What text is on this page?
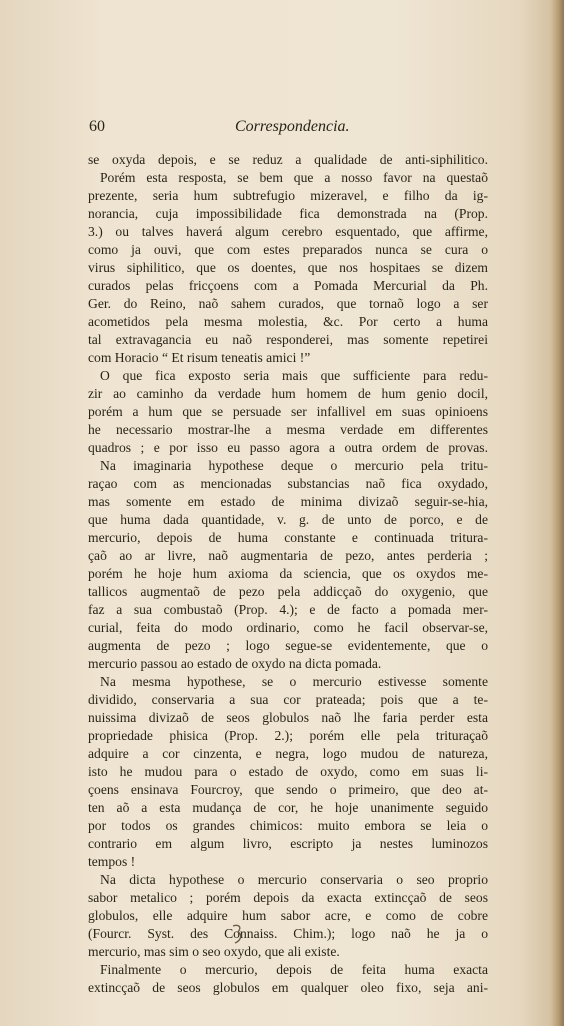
60	Correspondencia.
se oxyda depois, e se reduz a qualidade de anti-siphilitico.
Porém esta resposta, se bem que a nosso favor na questaõ
prezente, seria hum subtrefugio mizeravel, e filho da ig-
norancia, cuja impossibilidade fica demonstrada na (Prop.
3.) ou talves haverá algum cerebro esquentado, que affirme,
como ja ouvi, que com estes preparados nunca se cura o
virus siphilitico, que os doentes, que nos hospitaes se dizem
curados pelas fricçoens com a Pomada Mercurial da Ph.
Ger. do Reino, naõ sahem curados, que tornaõ logo a ser
acometidos pela mesma molestia, &c. Por certo a huma
tal extravagancia eu naõ responderei, mas somente repetirei
com Horacio “ Et risum teneatis amici !”
O que fica exposto seria mais que sufficiente para redu-
zir ao caminho da verdade hum homem de hum genio docil,
porém a hum que se persuade ser infallivel em suas opinioens
he necessario mostrar-lhe a mesma verdade em differentes
quadros ; e por isso eu passo agora a outra ordem de provas.
Na imaginaria hypothese deque o mercurio pela tritu-
raçao com as mencionadas substancias naõ fica oxydado,
mas somente em estado de minima divizaõ seguir-se-hia,
que huma dada quantidade, v. g. de unto de porco, e de
mercurio, depois de huma constante e continuada tritura-
çaõ ao ar livre, naõ augmentaria de pezo, antes perderia ;
porém he hoje hum axioma da sciencia, que os oxydos me-
tallicos augmentaõ de pezo pela addicçaõ do oxygenio, que
faz a sua combustaõ (Prop. 4.); e de facto a pomada mer-
curial, feita do modo ordinario, como he facil observar-se,
augmenta de pezo ; logo segue-se evidentemente, que o
mercurio passou ao estado de oxydo na dicta pomada.
Na mesma hypothese, se o mercurio estivesse somente
dividido, conservaria a sua cor prateada; pois que a te-
nuissima divizaõ de seos globulos naõ lhe faria perder esta
propriedade phisica (Prop. 2.); porém elle pela trituraçaõ
adquire a cor cinzenta, e negra, logo mudou de natureza,
isto he mudou para o estado de oxydo, como em suas li-
çoens ensinava Fourcroy, que sendo o primeiro, que deo at-
ten aõ a esta mudança de cor, he hoje unanimente seguido
por todos os grandes chimicos: muito embora se leia o
contrario em algum livro, escripto ja nestes luminozos
tempos !
Na dicta hypothese o mercurio conservaria o seo proprio
sabor metalico ; porém depois da exacta extincçaõ de seos
globulos, elle adquire hum sabor acre, e como de cobre
(Fourcr. Syst. des Connaiss. Chim.); logo naõ he ja o
mercurio, mas sim o seo oxydo, que ali existe.
Finalmente o mercurio, depois de feita huma exacta
extincçaõ de seos globulos em qualquer oleo fixo, seja ani-
